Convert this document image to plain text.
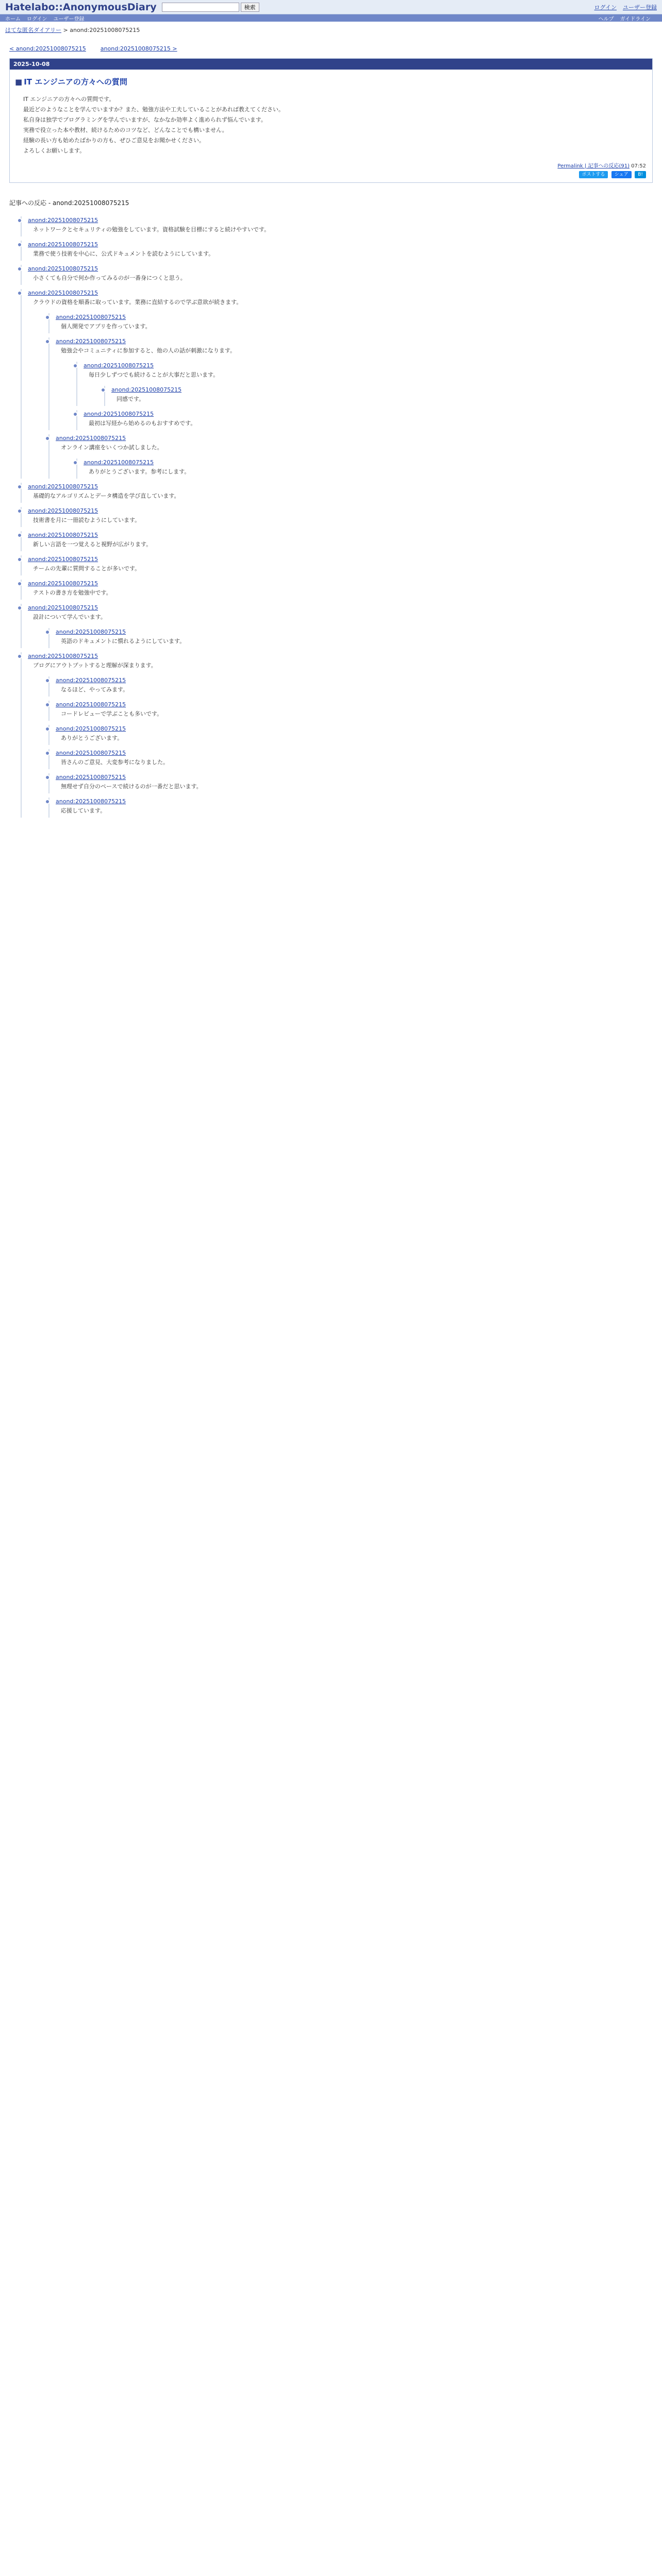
Hatelabo::AnonymousDiary	検索	ログイン ユーザー登録
ホーム ログイン ユーザー登録	ヘルプ ガイドライン
はてな匿名ダイアリー > anond:20251008075215
< anond:20251008075215	anond:20251008075215 >
2025-10-08
■ IT エンジニアの方々への質問

IT エンジニアの方々への質問です。

最近どのようなことを学んでいますか？また、勉強方法や工夫していることがあれば教えてください。

私自身は独学でプログラミングを学んでいますが、なかなか効率よく進められず悩んでいます。

実務で役立った本や教材、続けるためのコツなど、どんなことでも構いません。

経験の長い方も始めたばかりの方も、ぜひご意見をお聞かせください。

よろしくお願いします。

Permalink | 記事への反応(91) 07:52
ポストする シェア B!
記事への反応 - anond:20251008075215
anond:20251008075215
ネットワークとセキュリティの勉強をしています。資格試験を目標にすると続けやすいです。
anond:20251008075215
業務で使う技術を中心に、公式ドキュメントを読むようにしています。
anond:20251008075215
小さくても自分で何か作ってみるのが一番身につくと思う。
anond:20251008075215
クラウドの資格を順番に取っています。業務に直結するので学ぶ意欲が続きます。
anond:20251008075215
個人開発でアプリを作っています。
anond:20251008075215
勉強会やコミュニティに参加すると、他の人の話が刺激になります。
anond:20251008075215
毎日少しずつでも続けることが大事だと思います。
anond:20251008075215
同感です。
anond:20251008075215
最初は写経から始めるのもおすすめです。
anond:20251008075215
オンライン講座をいくつか試しました。
anond:20251008075215
ありがとうございます。参考にします。
anond:20251008075215
基礎的なアルゴリズムとデータ構造を学び直しています。
anond:20251008075215
技術書を月に一冊読むようにしています。
anond:20251008075215
新しい言語を一つ覚えると視野が広がります。
anond:20251008075215
チームの先輩に質問することが多いです。
anond:20251008075215
テストの書き方を勉強中です。
anond:20251008075215
設計について学んでいます。
anond:20251008075215
英語のドキュメントに慣れるようにしています。
anond:20251008075215
ブログにアウトプットすると理解が深まります。
anond:20251008075215
なるほど、やってみます。
anond:20251008075215
コードレビューで学ぶことも多いです。
anond:20251008075215
ありがとうございます。
anond:20251008075215
皆さんのご意見、大変参考になりました。
anond:20251008075215
無理せず自分のペースで続けるのが一番だと思います。
anond:20251008075215
応援しています。
